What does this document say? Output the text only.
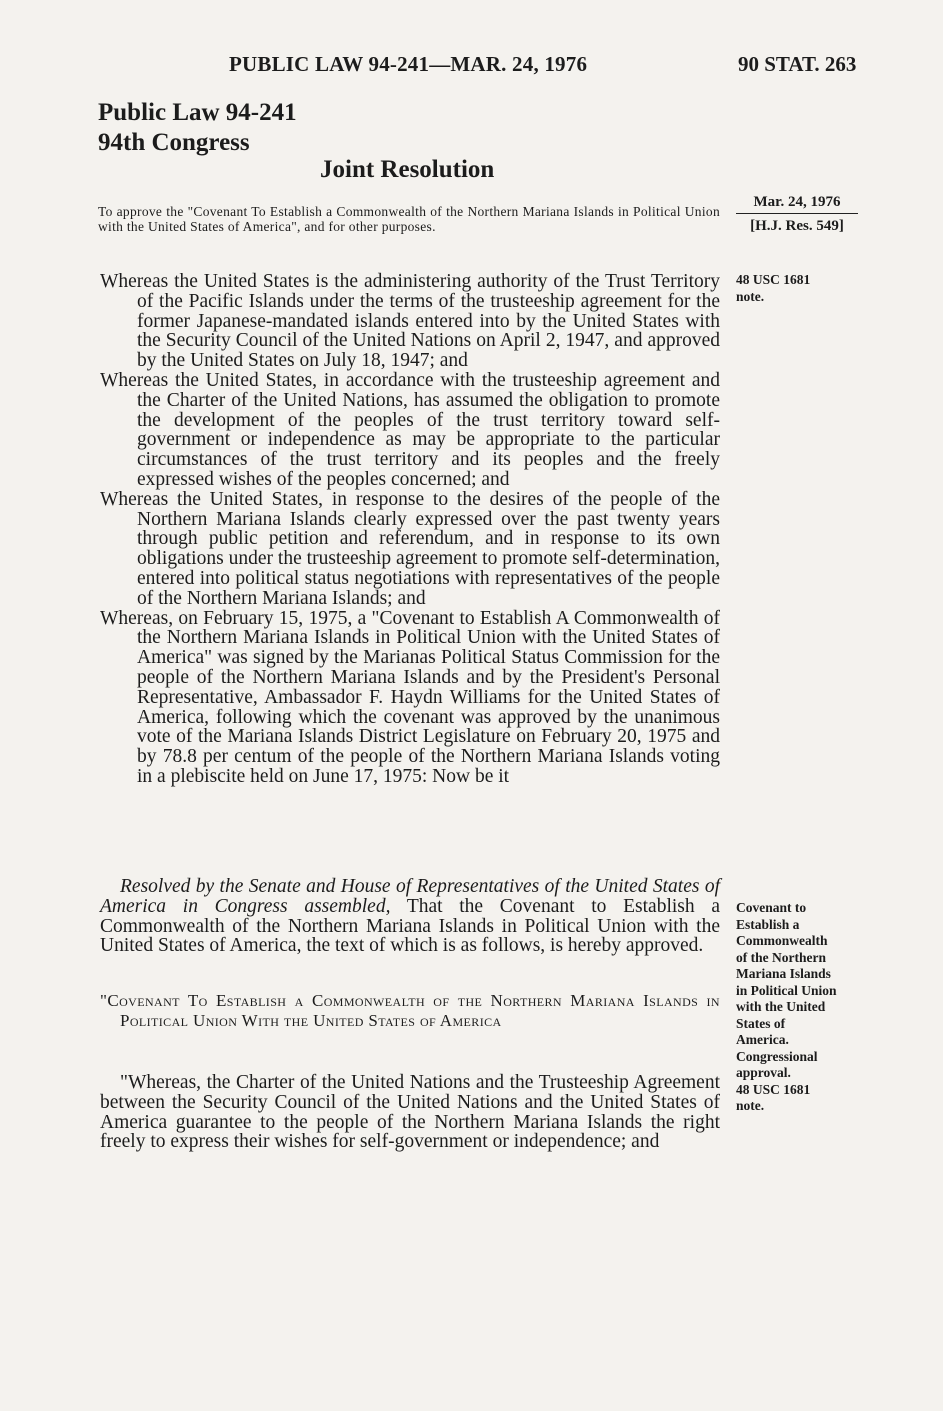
PUBLIC LAW 94-241—MAR. 24, 1976	90 STAT. 263
Public Law 94-241
94th Congress
Joint Resolution
To approve the "Covenant To Establish a Commonwealth of the Northern Mariana Islands in Political Union with the United States of America", and for other purposes.
Mar. 24, 1976
[H.J. Res. 549]
48 USC 1681
note.

Whereas the United States is the administering authority of the Trust Territory of the Pacific Islands under the terms of the trusteeship agreement for the former Japanese-mandated islands entered into by the United States with the Security Council of the United Nations on April 2, 1947, and approved by the United States on July 18, 1947; and

Whereas the United States, in accordance with the trusteeship agreement and the Charter of the United Nations, has assumed the obligation to promote the development of the peoples of the trust territory toward self-government or independence as may be appropriate to the particular circumstances of the trust territory and its peoples and the freely expressed wishes of the peoples concerned; and

Whereas the United States, in response to the desires of the people of the Northern Mariana Islands clearly expressed over the past twenty years through public petition and referendum, and in response to its own obligations under the trusteeship agreement to promote self-determination, entered into political status negotiations with representatives of the people of the Northern Mariana Islands; and

Whereas, on February 15, 1975, a "Covenant to Establish A Commonwealth of the Northern Mariana Islands in Political Union with the United States of America" was signed by the Marianas Political Status Commission for the people of the Northern Mariana Islands and by the President's Personal Representative, Ambassador F. Haydn Williams for the United States of America, following which the covenant was approved by the unanimous vote of the Mariana Islands District Legislature on February 20, 1975 and by 78.8 per centum of the people of the Northern Mariana Islands voting in a plebiscite held on June 17, 1975: Now be it

Resolved by the Senate and House of Representatives of the United States of America in Congress assembled, That the Covenant to Establish a Commonwealth of the Northern Mariana Islands in Political Union with the United States of America, the text of which is as follows, is hereby approved.

Covenant to
Establish a
Commonwealth
of the Northern
Mariana Islands
in Political Union
with the United
States of
America.
Congressional
approval.
48 USC 1681
note.

"Covenant To Establish a Commonwealth of the Northern Mariana Islands in Political Union With the United States of America

"Whereas, the Charter of the United Nations and the Trusteeship Agreement between the Security Council of the United Nations and the United States of America guarantee to the people of the Northern Mariana Islands the right freely to express their wishes for self-government or independence; and
